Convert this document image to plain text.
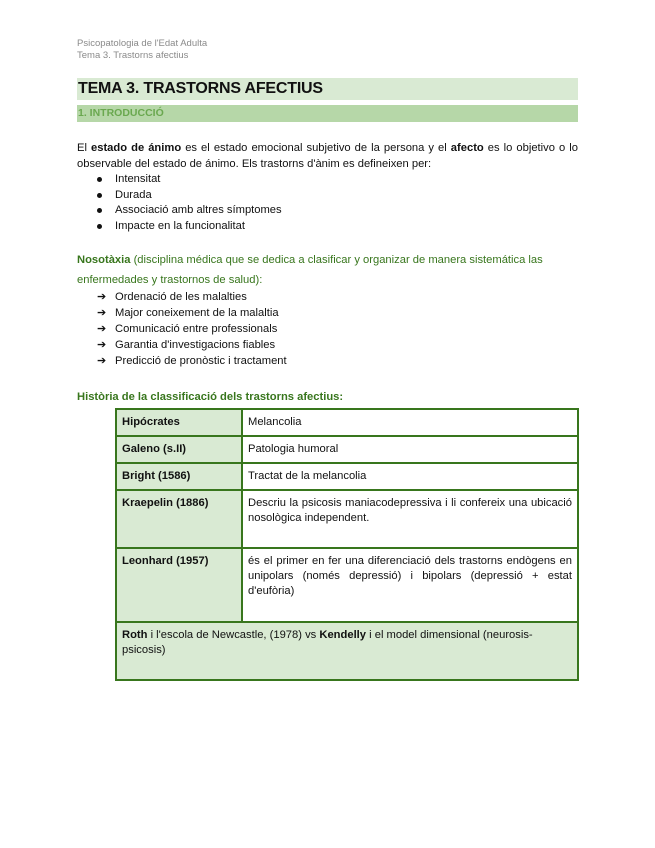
Psicopatologia de l'Edat Adulta
Tema 3. Trastorns afectius
TEMA 3. TRASTORNS AFECTIUS
1. INTRODUCCIÓ

El estado de ánimo es el estado emocional subjetivo de la persona y el afecto es lo objetivo o lo observable del estado de ánimo. Els trastorns d'ànim es defineixen per:

Intensitat
Durada
Associació amb altres símptomes
Impacte en la funcionalitat

Nosotàxia (disciplina médica que se dedica a clasificar y organizar de manera sistemática las enfermedades y trastornos de salud):

➔ Ordenació de les malalties
➔ Major coneixement de la malaltia
➔ Comunicació entre professionals
➔ Garantia d'investigacions fiables
➔ Predicció de pronòstic i tractament
Història de la classificació dels trastorns afectius:
Hipócrates	Melancolia
Galeno (s.II)	Patologia humoral
Bright (1586)	Tractat de la melancolia
Kraepelin (1886)	Descriu la psicosis maniacodepressiva i li confereix una ubicació nosològica independent.
Leonhard (1957)	és el primer en fer una diferenciació dels trastorns endògens en unipolars (només depressió) i bipolars (depressió + estat d'eufòria)
Roth i l'escola de Newcastle, (1978) vs Kendelly i el model dimensional (neurosis-psicosis)	
